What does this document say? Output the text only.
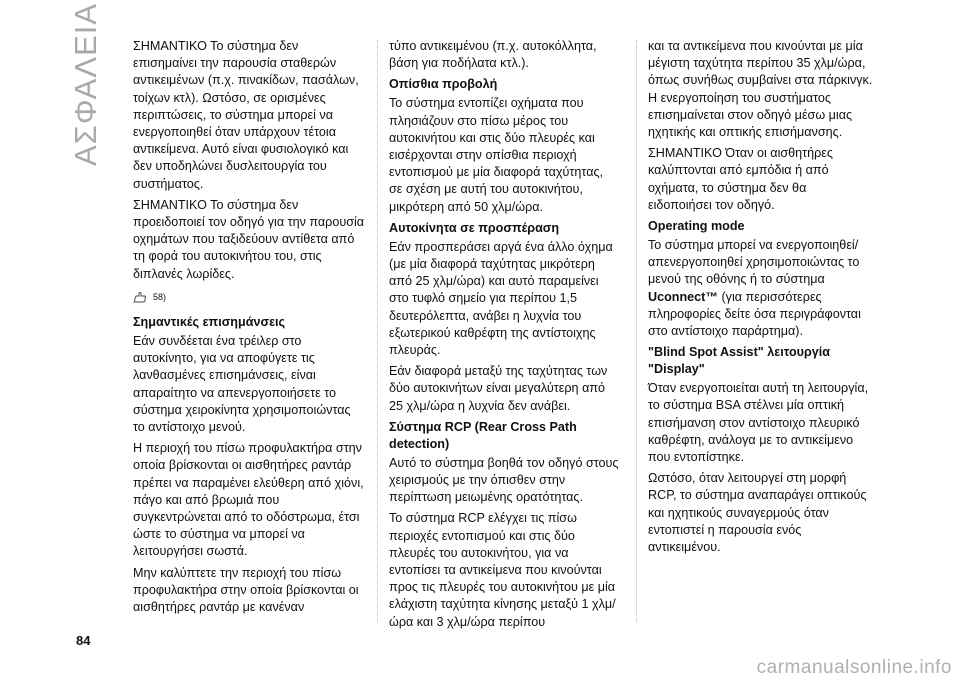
ΑΣΦΑΛΕΙΑ ΣΗΜΑΝΤΙΚΟ Το σύστημα δεν επισημαίνει την παρουσία σταθερών αντικειμένων (π.χ. πινακίδων, πασάλων, τοίχων κτλ). Ωστόσο, σε ορισμένες περιπτώσεις, το σύστημα μπορεί να ενεργοποιηθεί όταν υπάρχουν τέτοια αντικείμενα. Αυτό είναι φυσιολογικό και δεν υποδηλώνει δυσλειτουργία του συστήματος.

ΣΗΜΑΝΤΙΚΟ Το σύστημα δεν προειδοποιεί τον οδηγό για την παρουσία οχημάτων που ταξιδεύουν αντίθετα από τη φορά του αυτοκινήτου του, στις διπλανές λωρίδες.

58)
Σημαντικές επισημάνσεις

Εάν συνδέεται ένα τρέιλερ στο αυτοκίνητο, για να αποφύγετε τις λανθασμένες επισημάνσεις, είναι απαραίτητο να απενεργοποιήσετε το σύστημα χειροκίνητα χρησιμοποιώντας το αντίστοιχο μενού.

Η περιοχή του πίσω προφυλακτήρα στην οποία βρίσκονται οι αισθητήρες ραντάρ πρέπει να παραμένει ελεύθερη από χιόνι, πάγο και από βρωμιά που συγκεντρώνεται από το οδόστρωμα, έτσι ώστε το σύστημα να μπορεί να λειτουργήσει σωστά.

Μην καλύπτετε την περιοχή του πίσω προφυλακτήρα στην οποία βρίσκονται οι αισθητήρες ραντάρ με κανέναν

τύπο αντικειμένου (π.χ. αυτοκόλλητα, βάση για ποδήλατα κτλ.).

Οπίσθια προβολή

Το σύστημα εντοπίζει οχήματα που πλησιάζουν στο πίσω μέρος του αυτοκινήτου και στις δύο πλευρές και εισέρχονται στην οπίσθια περιοχή εντοπισμού με μία διαφορά ταχύτητας, σε σχέση με αυτή του αυτοκινήτου, μικρότερη από 50 χλμ/ώρα.

Αυτοκίνητα σε προσπέραση

Εάν προσπεράσει αργά ένα άλλο όχημα (με μία διαφορά ταχύτητας μικρότερη από 25 χλμ/ώρα) και αυτό παραμείνει στο τυφλό σημείο για περίπου 1,5 δευτερόλεπτα, ανάβει η λυχνία του εξωτερικού καθρέφτη της αντίστοιχης πλευράς.

Εάν διαφορά μεταξύ της ταχύτητας των δύο αυτοκινήτων είναι μεγαλύτερη από 25 χλμ/ώρα η λυχνία δεν ανάβει.

Σύστημα RCP (Rear Cross Path detection)

Αυτό το σύστημα βοηθά τον οδηγό στους χειρισμούς με την όπισθεν στην περίπτωση μειωμένης ορατότητας.

Το σύστημα RCP ελέγχει τις πίσω περιοχές εντοπισμού και στις δύο πλευρές του αυτοκινήτου, για να εντοπίσει τα αντικείμενα που κινούνται προς τις πλευρές του αυτοκινήτου με μία ελάχιστη ταχύτητα κίνησης μεταξύ 1 χλμ/ώρα και 3 χλμ/ώρα περίπου

και τα αντικείμενα που κινούνται με μία μέγιστη ταχύτητα περίπου 35 χλμ/ώρα, όπως συνήθως συμβαίνει στα πάρκινγκ. Η ενεργοποίηση του συστήματος επισημαίνεται στον οδηγό μέσω μιας ηχητικής και οπτικής επισήμανσης.

ΣΗΜΑΝΤΙΚΟ Όταν οι αισθητήρες καλύπτονται από εμπόδια ή από οχήματα, το σύστημα δεν θα ειδοποιήσει τον οδηγό.

Operating mode

Το σύστημα μπορεί να ενεργοποιηθεί/απενεργοποιηθεί χρησιμοποιώντας το μενού της οθόνης ή το σύστημα Uconnect™ (για περισσότερες πληροφορίες δείτε όσα περιγράφονται στο αντίστοιχο παράρτημα).

"Blind Spot Assist" λειτουργία "Display"

Όταν ενεργοποιείται αυτή τη λειτουργία, το σύστημα BSA στέλνει μία οπτική επισήμανση στον αντίστοιχο πλευρικό καθρέφτη, ανάλογα με το αντικείμενο που εντοπίστηκε.

Ωστόσο, όταν λειτουργεί στη μορφή RCP, το σύστημα αναπαράγει οπτικούς και ηχητικούς συναγερμούς όταν εντοπιστεί η παρουσία ενός αντικειμένου.

84
carmanualsonline.info
